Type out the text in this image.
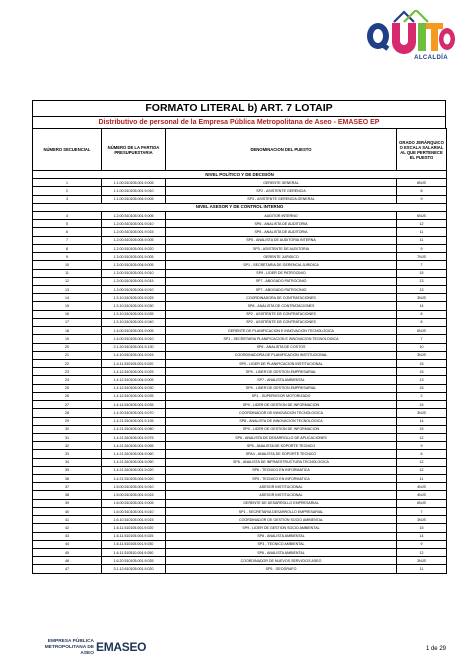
ALCALDÍA
FORMATO LITERAL b) ART. 7 LOTAIP
Distributivo de personal de la Empresa Pública Metropolitana de Aseo - EMASEO EP
NÚMERO SECUENCIAL	NÚMERO DE LA PARTIDA PRESUPUESTARIA	DENOMINACION DEL PUESTO	GRADO JERÁRQUICO O ESCALA SALARIAL AL QUE PERTENECE EL PUESTO
NIVEL POLÍTICO Y DE DECISIÓN			
1	1.1.00.510105.001.9.005	GERENTE GENERAL	8NJS
2	1.1.00.510105.001.9.010	SP2 - ASISTENTE GERENCIA	8
3	1.1.00.510105.004.9.005	SP3 - ASISTENTE GERENCIA GENERAL	9
NIVEL ASESOR Y DE CONTROL INTERNO			
4	1.2.00.510105.001.9.005	AUDITOR INTERNO	6NJS
5	1.2.00.510105.001.9.010	SP6 - ANALISTA DE AUDITORIA	12
6	1.2.00.510105.001.9.015	SP5 - ANALISTA DE AUDITORIA	11
7	1.2.00.510105.004.9.005	SP5 - ANALISTA DE AUDITORIA INTERNA	11
8	1.2.00.510105.001.9.020	SP3 - ASISTENTE DE AUDITORIA	9
9	1.3.00.510105.001.9.005	GERENTE JURIDICO	7NJS
10	1.3.00.510105.004.9.005	SP1 - SECRETARIA DE GERENCIA JURIDICA	7
11	1.3.00.510105.001.9.010	SP9 - LIDER DE PATROCINIO	15
12	1.3.00.510105.001.9.015	SP7 - ABOGADO PATROCINIO	13
13	1.3.00.510105.004.9.010	SP7 - ABOGADO PATROCINIO	13
14	1.3.10.510105.001.9.025	COORDINADORA DE CONTRATACIONES	3NJS
15	1.3.10.510105.001.9.030	SP8 - ANALISTA DE CONTRATACIONES	14
16	1.3.10.510105.001.9.035	SP2 - ASISTENTE DE CONTRATACIONES	8
17	1.3.10.510105.001.9.040	SP2 - ASISTENTE DE CONTRATACIONES	8
18	1.4.00.510105.001.9.005	GERENTE DE PLANIFICACION E INNOVACION TECNOLOGICA	6NJS
19	1.4.00.510105.001.9.010	SP1 - SECRETARIA PLANIFICACION E INNOVACION TECNOLOGICA	7
20	2.1.20.510105.001.9.130	SP6 - ANALISTA DE COSTOS	10
21	1.4.10.510105.001.9.015	COORDINADORA DE PLANIFICACION INSTITUCIONAL	3NJS
22	1.4.11.510105.001.9.020	SP9 - LIDER DE PLANIFICACION INSTITUCIONAL	15
23	1.4.12.510105.001.9.025	SP9 - LIDER DE GESTION EMPRESARIAL	15
24	1.4.12.510105.004.9.005	SP7 - ANALISTA AMBIENTAL	13
25	1.4.12.510105.001.9.030	SP9 - LIDER DE GESTION EMPRESARIAL	15
26	1.4.12.510105.001.9.035	SP1 - SUPERVISOR MOTORIZADO	2
27	1.4.14.510105.001.9.035	SP9 - LIDER DE GESTION DE INFORMACION	15
28	1.4.20.510105.001.9.070	COORDINADOR DE INNOVACION TECNOLOGICA	3NJS
29	1.4.21.510105.001.9.135	SP8 - ANALISTA DE INNOVACION TECNOLOGICA	14
30	1.4.21.510105.001.9.080	SP9 - LIDER DE GESTION DE INFORMACION	15
31	1.4.21.510105.001.9.075	SP6 - ANALISTA DE DESARROLLO DE APLICACIONES	12
32	1.4.21.510105.001.9.055	SP5 - ANALISTA DE SOPORTE TECNICO	9
33	1.4.21.510105.004.9.060	SPA4 - ANALISTA DE SOPORTE TECNICO	6
34	1.4.21.510105.004.9.050	SP6 - ANALISTA DE INFRAESTRUCTURA TECNOLOGICA	12
35	1.4.21.510105.001.9.020	SP6 - TECNICO EN INFORMATICA	12
36	1.4.21.510105.004.9.020	SP5 - TECNICO EN INFORMATICA	11
37	1.5.00.510105.001.9.010	ASESOR INSTITUCIONAL	4NJS
38	1.5.00.510105.001.9.015	ASESOR INSTITUCIONAL	4NJS
39	1.6.00.510105.001.9.005	GERENTE DE DESARROLLO EMPRESARIAL	6NJS
40	1.6.00.510105.001.9.010	SP1 - SECRETARIA DESARROLLO EMPRESARIAL	7
41	1.6.10.510105.001.9.015	COORDINADOR DE GESTION SOCIO AMBIENTAL	3NJS
42	1.6.11.510105.001.9.020	SP9 - LIDER DE GESTION SOCIO AMBIENTAL	15
43	1.6.11.510105.004.9.025	SP8 - ANALISTA AMBIENTAL	14
44	1.6.11.510105.001.9.030	SP3 - TECNICO AMBIENTAL	9
45	1.6.11.510510.004.9.050	SP6 - ANALISTA AMBIENTAL	12
46	1.6.20.510105.001.9.035	COORDINADOR DE NUEVOS SERVICIOS ASEO	3NJS
47	3.1.12.610105.001.9.020	SP5 - GEOGRAFO	11
EMPRESA PÚBLICA
METROPOLITANA DE ASEO EMASEO	1 de 29
